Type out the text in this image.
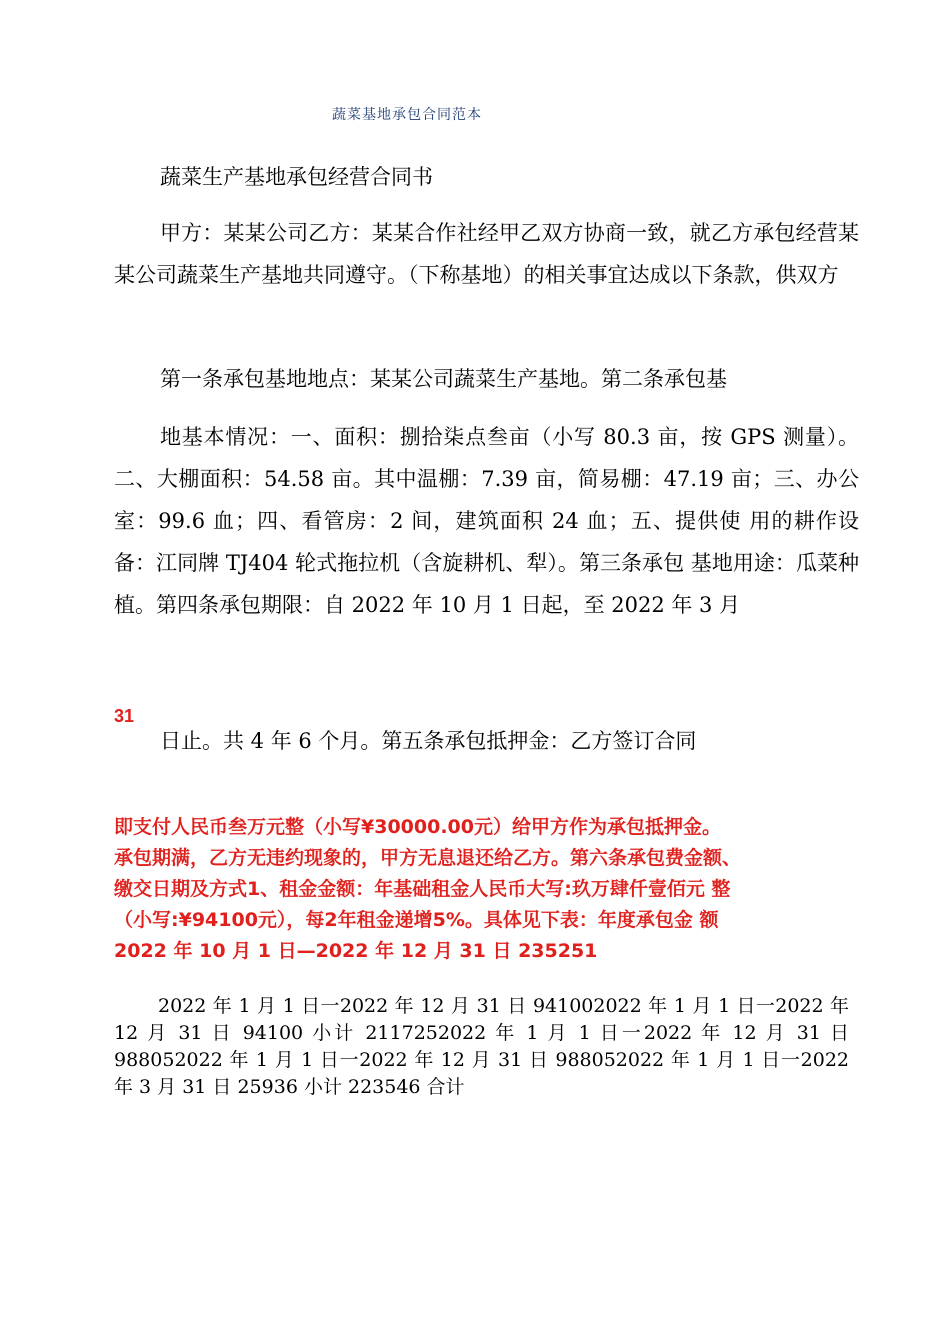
蔬菜基地承包合同范本

蔬菜生产基地承包经营合同书

甲方：某某公司乙方：某某合作社经甲乙双方协商一致，就乙方承包经营某某公司蔬菜生产基地共同遵守。（下称基地）的相关事宜达成以下条款，供双方

第一条承包基地地点：某某公司蔬菜生产基地。第二条承包基

地基本情况：一、面积：捌拾柒点叁亩（小写 80.3 亩，按 GPS 测量）。二、大棚面积：54.58 亩。其中温棚：7.39 亩，简易棚：47.19 亩；三、办公室：99.6 血；四、看管房：2 间，建筑面积 24 血；五、提供使 用的耕作设备：江同牌 TJ404 轮式拖拉机（含旋耕机、犁）。第三条承包 基地用途：瓜菜种植。第四条承包期限：自 2022 年 10 月 1 日起，至 2022 年 3 月

31

日止。共 4 年 6 个月。第五条承包抵押金：乙方签订合同

即支付人民币叁万元整（小写¥30000.00元）给甲方作为承包抵押金。
承包期满，乙方无违约现象的，甲方无息退还给乙方。第六条承包费金额、
缴交日期及方式1、租金金额：年基础租金人民币大写:玖万肆仟壹佰元 整
（小写:¥94100元），每2年租金递增5%。具体见下表：年度承包金 额
2022 年 10 月 1 日—2022 年 12 月 31 日 235251

2022 年 1 月 1 日一2022 年 12 月 31 日 941002022 年 1 月 1 日一2022 年 12 月 31 日 94100 小计 2117252022 年 1 月 1 日一2022 年 12 月 31 日 988052022 年 1 月 1 日一2022 年 12 月 31 日 988052022 年 1 月 1 日一2022 年 3 月 31 日 25936 小计 223546 合计
